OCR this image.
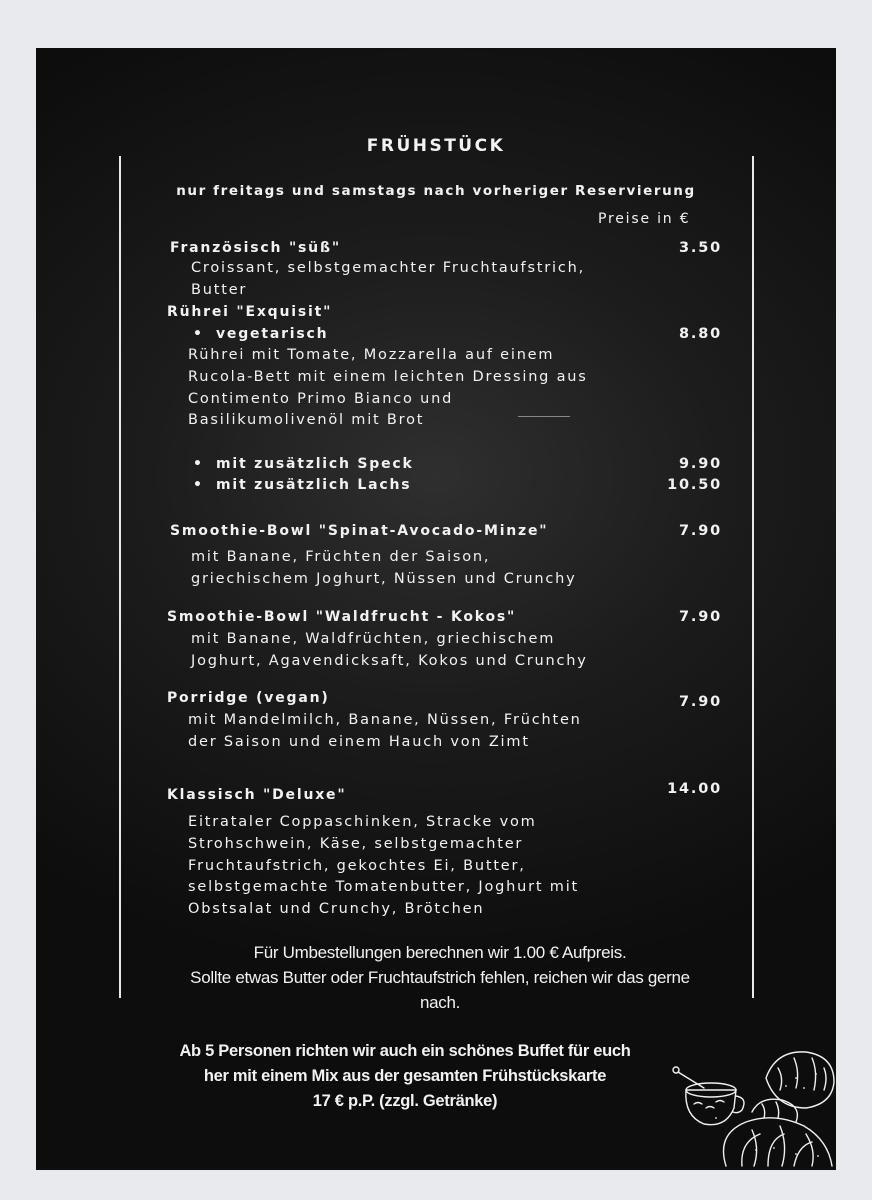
FRÜHSTÜCK
nur freitags und samstags nach vorheriger Reservierung
Preise in €
Französisch "süß"	3.50
Croissant, selbstgemachter Fruchtaufstrich,
Butter
Rührei "Exquisit"
• vegetarisch	8.80
Rührei mit Tomate, Mozzarella auf einem
Rucola-Bett mit einem leichten Dressing aus
Contimento Primo Bianco und
Basilikumolivenöl mit Brot
• mit zusätzlich Speck	9.90
• mit zusätzlich Lachs	10.50
Smoothie-Bowl "Spinat-Avocado-Minze"	7.90
mit Banane, Früchten der Saison,
griechischem Joghurt, Nüssen und Crunchy
Smoothie-Bowl "Waldfrucht - Kokos"	7.90
mit Banane, Waldfrüchten, griechischem
Joghurt, Agavendicksaft, Kokos und Crunchy
Porridge (vegan)	7.90
mit Mandelmilch, Banane, Nüssen, Früchten
der Saison und einem Hauch von Zimt
Klassisch "Deluxe"	14.00
Eitrataler Coppaschinken, Stracke vom
Strohschwein, Käse, selbstgemachter
Fruchtaufstrich, gekochtes Ei, Butter,
selbstgemachte Tomatenbutter, Joghurt mit
Obstsalat und Crunchy, Brötchen
Für Umbestellungen berechnen wir 1.00 € Aufpreis.
Sollte etwas Butter oder Fruchtaufstrich fehlen, reichen wir das gerne
nach.
Ab 5 Personen richten wir auch ein schönes Buffet für euch
her mit einem Mix aus der gesamten Frühstückskarte
17 € p.P. (zzgl. Getränke)
